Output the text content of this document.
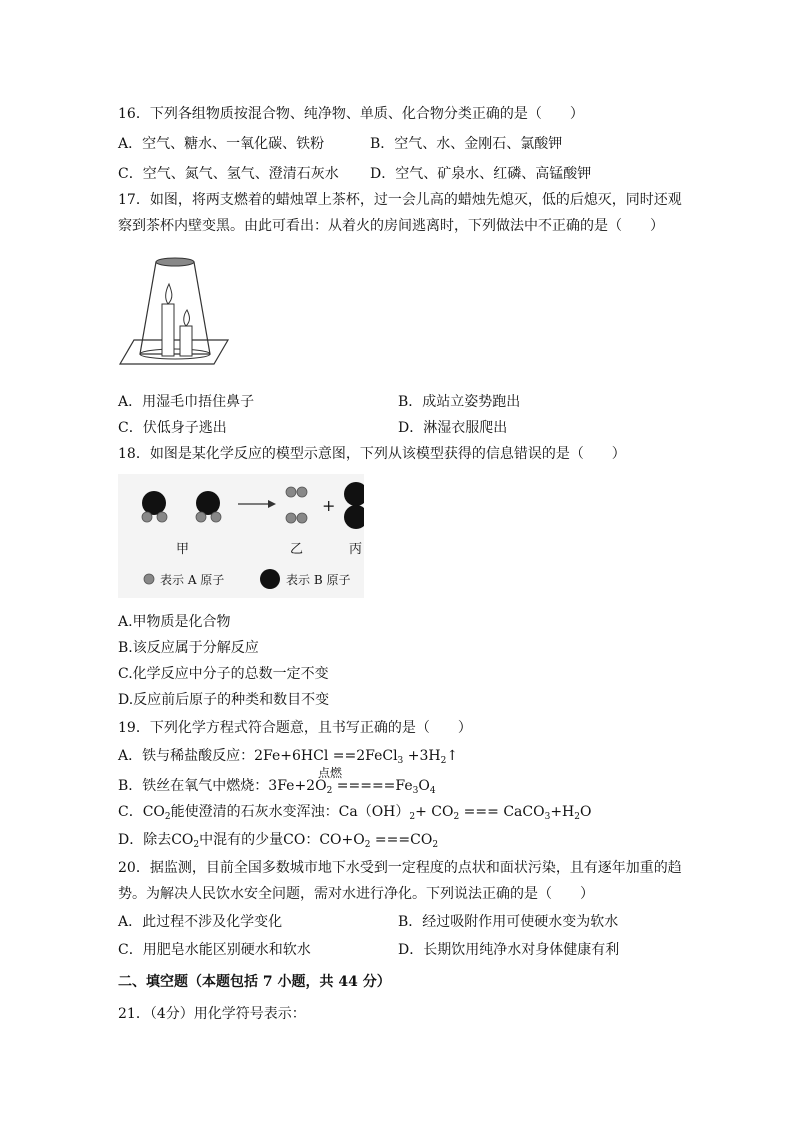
16．下列各组物质按混合物、纯净物、单质、化合物分类正确的是（　　）
A．空气、糖水、一氧化碳、铁粉	B．空气、水、金刚石、氯酸钾
C．空气、氮气、氢气、澄清石灰水 D．空气、矿泉水、红磷、高锰酸钾
17．如图，将两支燃着的蜡烛罩上茶杯，过一会儿高的蜡烛先熄灭，低的后熄灭，同时还观
察到茶杯内壁变黑。由此可看出：从着火的房间逃离时，下列做法中不正确的是（　　）
A．用湿毛巾捂住鼻子	B．成站立姿势跑出
C．伏低身子逃出	D．淋湿衣服爬出
18．如图是某化学反应的模型示意图，下列从该模型获得的信息错误的是（　　）
+
甲	乙	丙
表示 A 原子	表示 B 原子
A.甲物质是化合物
B.该反应属于分解反应
C.化学反应中分子的总数一定不变
D.反应前后原子的种类和数目不变
19．下列化学方程式符合题意，且书写正确的是（　　）
A．铁与稀盐酸反应：2Fe+6HCl ==2FeCl$_3$ $+3H_2↑$
点燃
B．铁丝在氧气中燃烧：$3Fe+2O_2 =====Fe_3O_4$
C．$CO_2$能使澄清的石灰水变浑浊：$Ca(OH)_2+ CO_2$ === $CaCO_3+H_2O$
D．除去$CO_2$中混有的少量CO：$CO+O_2 ===CO_2$
20．据监测，目前全国多数城市地下水受到一定程度的点状和面状污染，且有逐年加重的趋
势。为解决人民饮水安全问题，需对水进行净化。下列说法正确的是（　　）
A．此过程不涉及化学变化	B．经过吸附作用可使硬水变为软水
C．用肥皂水能区别硬水和软水	D．长期饮用纯净水对身体健康有利
二、填空题（本题包括 7 小题，共 44 分）
21．（4分）用化学符号表示：
